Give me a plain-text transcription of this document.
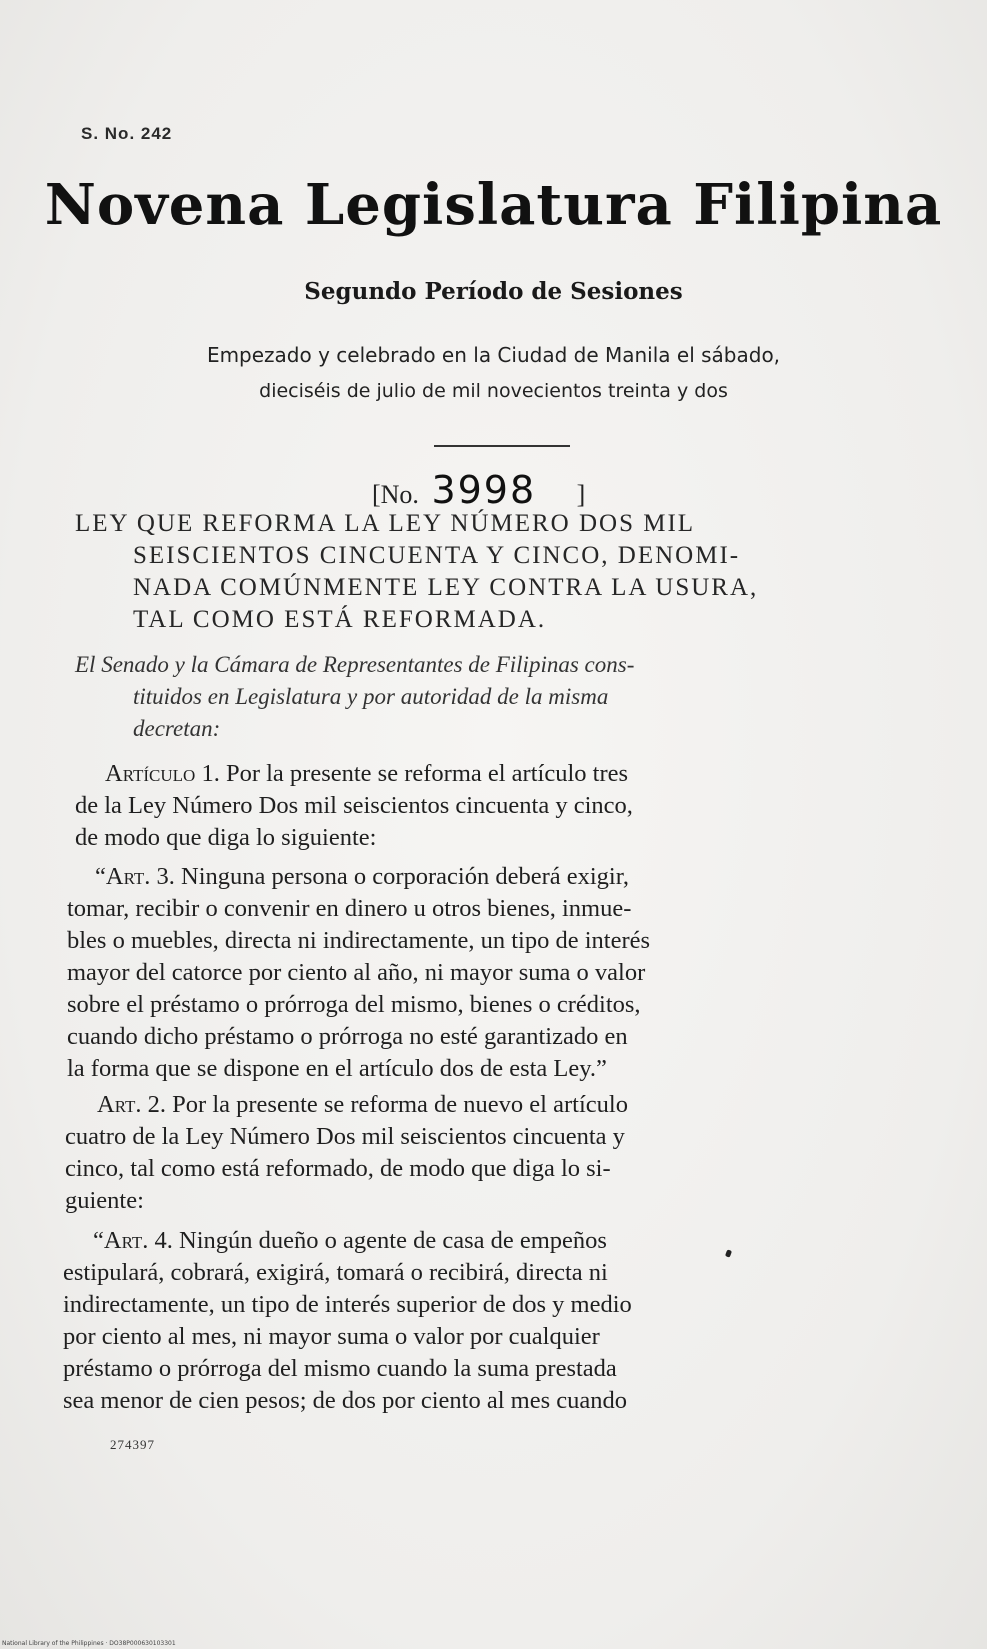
S. No. 242
Novena Legislatura Filipina
Segundo Período de Sesiones
Empezado y celebrado en la Ciudad de Manila el sábado,
dieciséis de julio de mil novecientos treinta y dos
[No. 3998 ]
LEY QUE REFORMA LA LEY NÚMERO DOS MIL
SEISCIENTOS CINCUENTA Y CINCO, DENOMI-
NADA COMÚNMENTE LEY CONTRA LA USURA,
TAL COMO ESTÁ REFORMADA.
El Senado y la Cámara de Representantes de Filipinas cons-
tituidos en Legislatura y por autoridad de la misma
decretan:
Artículo 1. Por la presente se reforma el artículo tres
de la Ley Número Dos mil seiscientos cincuenta y cinco,
de modo que diga lo siguiente:
“Art. 3. Ninguna persona o corporación deberá exigir,
tomar, recibir o convenir en dinero u otros bienes, inmue-
bles o muebles, directa ni indirectamente, un tipo de interés
mayor del catorce por ciento al año, ni mayor suma o valor
sobre el préstamo o prórroga del mismo, bienes o créditos,
cuando dicho préstamo o prórroga no esté garantizado en
la forma que se dispone en el artículo dos de esta Ley.”
Art. 2. Por la presente se reforma de nuevo el artículo
cuatro de la Ley Número Dos mil seiscientos cincuenta y
cinco, tal como está reformado, de modo que diga lo si-
guiente:
“Art. 4. Ningún dueño o agente de casa de empeños
estipulará, cobrará, exigirá, tomará o recibirá, directa ni
indirectamente, un tipo de interés superior de dos y medio
por ciento al mes, ni mayor suma o valor por cualquier
préstamo o prórroga del mismo cuando la suma prestada
sea menor de cien pesos; de dos por ciento al mes cuando
274397
National Library of the Philippines · DO38P000630103301
